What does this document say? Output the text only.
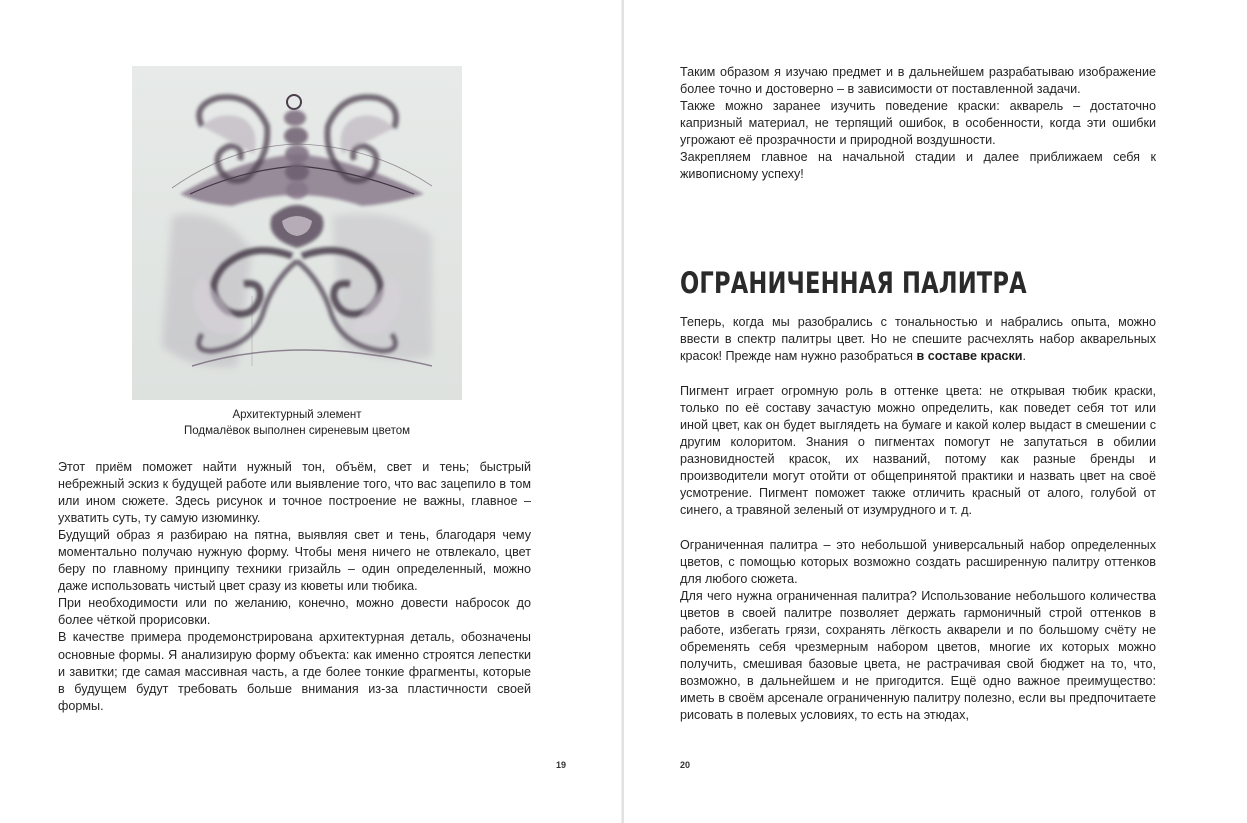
Архитектурный элемент
Подмалёвок выполнен сиреневым цветом

Этот приём поможет найти нужный тон, объём, свет и тень; быстрый небрежный эскиз к будущей работе или выявление того, что вас зацепило в том или ином сюжете. Здесь рисунок и точное построение не важны, главное – ухватить суть, ту самую изюминку.

Будущий образ я разбираю на пятна, выявляя свет и тень, благодаря чему моментально получаю нужную форму. Чтобы меня ничего не отвлекало, цвет беру по главному принципу техники гризайль – один определенный, можно даже использовать чистый цвет сразу из кюветы или тюбика.

При необходимости или по желанию, конечно, можно довести набросок до более чёткой прорисовки.

В качестве примера продемонстрирована архитектурная деталь, обозначены основные формы. Я анализирую форму объекта: как именно строятся лепестки и завитки; где самая массивная часть, а где более тонкие фрагменты, которые в будущем будут требовать больше внимания из-за пластичности своей формы.

19

Таким образом я изучаю предмет и в дальнейшем разрабатываю изображение более точно и достоверно – в зависимости от поставленной задачи.

Также можно заранее изучить поведение краски: акварель – достаточно капризный материал, не терпящий ошибок, в особенности, когда эти ошибки угрожают её прозрачности и природной воздушности.

Закрепляем главное на начальной стадии и далее приближаем себя к живописному успеху!

ОГРАНИЧЕННАЯ ПАЛИТРА

Теперь, когда мы разобрались с тональностью и набрались опыта, можно ввести в спектр палитры цвет. Но не спешите расчехлять набор акварельных красок! Прежде нам нужно разобраться в составе краски.

Пигмент играет огромную роль в оттенке цвета: не открывая тюбик краски, только по её составу зачастую можно определить, как поведет себя тот или иной цвет, как он будет выглядеть на бумаге и какой колер выдаст в смешении с другим колоритом. Знания о пигментах помогут не запутаться в обилии разновидностей красок, их названий, потому как разные бренды и производители могут отойти от общепринятой практики и назвать цвет на своё усмотрение. Пигмент поможет также отличить красный от алого, голубой от синего, а травяной зеленый от изумрудного и т. д.

Ограниченная палитра – это небольшой универсальный набор определенных цветов, с помощью которых возможно создать расширенную палитру оттенков для любого сюжета.

Для чего нужна ограниченная палитра? Использование небольшого количества цветов в своей палитре позволяет держать гармоничный строй оттенков в работе, избегать грязи, сохранять лёгкость акварели и по большому счёту не обременять себя чрезмерным набором цветов, многие их которых можно получить, смешивая базовые цвета, не растрачивая свой бюджет на то, что, возможно, в дальнейшем и не пригодится. Ещё одно важное преимущество: иметь в своём арсенале ограниченную палитру полезно, если вы предпочитаете рисовать в полевых условиях, то есть на этюдах,

20
